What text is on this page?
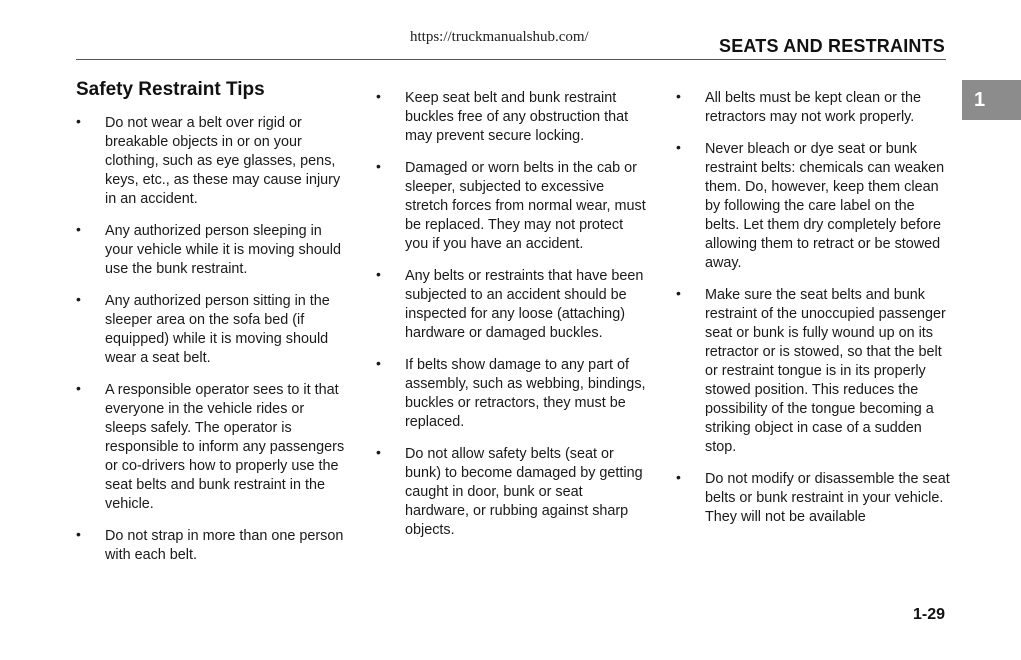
https://truckmanualshub.com/	SEATS AND RESTRAINTS
1
Safety Restraint Tips
• Do not wear a belt over rigid or breakable objects in or on your clothing, such as eye glasses, pens, keys, etc., as these may cause injury in an accident.
• Any authorized person sleeping in your vehicle while it is moving should use the bunk restraint.
• Any authorized person sitting in the sleeper area on the sofa bed (if equipped) while it is moving should wear a seat belt.
• A responsible operator sees to it that everyone in the vehicle rides or sleeps safely. The operator is responsible to inform any passengers or co-drivers how to properly use the seat belts and bunk restraint in the vehicle.
• Do not strap in more than one person with each belt.
• Keep seat belt and bunk restraint buckles free of any obstruction that may prevent secure locking.
• Damaged or worn belts in the cab or sleeper, subjected to excessive stretch forces from normal wear, must be replaced. They may not protect you if you have an accident.
• Any belts or restraints that have been subjected to an accident should be inspected for any loose (attaching) hardware or damaged buckles.
• If belts show damage to any part of assembly, such as webbing, bindings, buckles or retractors, they must be replaced.
• Do not allow safety belts (seat or bunk) to become damaged by getting caught in door, bunk or seat hardware, or rubbing against sharp objects.
• All belts must be kept clean or the retractors may not work properly.
• Never bleach or dye seat or bunk restraint belts: chemicals can weaken them. Do, however, keep them clean by following the care label on the belts. Let them dry completely before allowing them to retract or be stowed away.
• Make sure the seat belts and bunk restraint of the unoccupied passenger seat or bunk is fully wound up on its retractor or is stowed, so that the belt or restraint tongue is in its properly stowed position. This reduces the possibility of the tongue becoming a striking object in case of a sudden stop.
• Do not modify or disassemble the seat belts or bunk restraint in your vehicle. They will not be available
1-29
